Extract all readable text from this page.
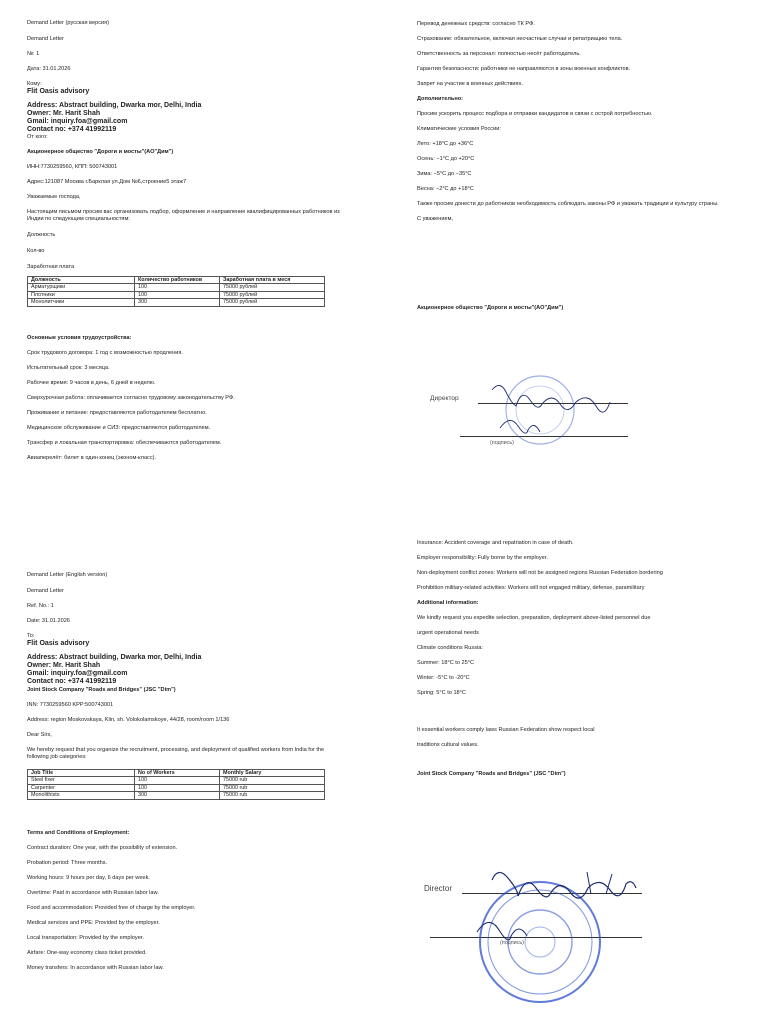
Demand Letter (русская версия)

Demand Letter

№: 1

Дата: 31.01.2026

Кому:

Flit Oasis advisory

Address: Abstract building, Dwarka mor, Delhi, India

Owner: Mr. Harit Shah

Gmail: inquiry.foa@gmail.com

Contact no: +374 41992119

От кого:

Акционерное общество "Дороги и мосты"(АО"Дим")

ИНН:7730259560, КПП: 500743001

Адрес:121087 Москва г.Барклая ул.Дом №6,строение5 этаж7

Уважаемые господа,

Настоящим письмом просим вас организовать подбор, оформление и направление квалифицированных работников из Индии по следующим специальностям:

Должность

Кол-во

Заработная плата

Должность	Количество работников	Заработная плата в меся
Арматурщики	100	75000 рублей
Плотники	100	75000 рублей
Монолитчики	300	75000 рублей

Основные условия трудоустройства:

Срок трудового договора: 1 год с возможностью продления.

Испытательный срок: 3 месяца.

Рабочее время: 9 часов в день, 6 дней в неделю.

Сверхурочная работа: оплачивается согласно трудовому законодательству РФ.

Проживание и питание: предоставляются работодателем бесплатно.

Медицинское обслуживание и СИЗ: предоставляются работодателем.

Трансфер и локальная транспортировка: обеспечиваются работодателем.

Авиаперелёт: билет в один конец (эконом-класс).

Перевод денежных средств: согласно ТК РФ.

Страхование: обязательное, включая несчастные случаи и репатриацию тела.

Ответственность за персонал: полностью несёт работодатель.

Гарантия безопасности: работники не направляются в зоны военных конфликтов.

Запрет на участие в военных действиях.

Дополнительно:

Просим ускорить процесс подбора и отправки кандидатов в связи с острой потребностью.

Климатические условия России:

Лето: +18°C до +36°C

Осень: −1°C до +20°C

Зима: −5°C до −35°C

Весна: −2°C до +18°C

Также просим донести до работников необходимость соблюдать законы РФ и уважать традиции и культуру страны.

С уважением,

Акционерное общество "Дороги и мосты"(АО"Дим")

Директор
(подпись)

Demand Letter (English version)

Demand Letter

Ref. No.: 1

Date: 31.01.2026

To:

Flit Oasis advisory

Address: Abstract building, Dwarka mor, Delhi, India

Owner: Mr. Harit Shah

Gmail: inquiry.foa@gmail.com

Contact no: +374 41992119

Joint Stock Company "Roads and Bridges" (JSC "Dim")

INN: 7730259560 KPP:500743001

Address: region Moskovskaya, Klin, sh. Volokolamskoye, 44/28, room/room 1/136

Dear Sirs,

We hereby request that you organize the recruitment, processing, and deployment of qualified workers from India for the following job categories:

Job Title	No of Workers	Monthly Salary
Steel fixer	100	75000 rub
Carpenter	100	75000 rub
Monolithists	300	75000 rub

Terms and Conditions of Employment:

Contract duration: One year, with the possibility of extension.

Probation period: Three months.

Working hours: 9 hours per day, 6 days per week.

Overtime: Paid in accordance with Russian labor law.

Food and accommodation: Provided free of charge by the employer.

Medical services and PPE: Provided by the employer.

Local transportation: Provided by the employer.

Airfare: One-way economy class ticket provided.

Money transfers: In accordance with Russian labor law.

Insurance: Accident coverage and repatriation in case of death.

Employer responsibility: Fully borne by the employer.

Non-deployment conflict zones: Workers will not be assigned regions Russian Federation bordering

Prohibition military-related activities: Workers will not engaged military, defense, paramilitary

Additional information:

We kindly request you expedite selection, preparation, deployment above-listed personnel due

urgent operational needs

Climate conditions Russia:

Summer: 18°C to 25°C

Winter: -5°C to -20°C

Spring: 5°C to 18°C

It essential workers comply laws Russian Federation show respect local

traditions cultural values.

Joint Stock Company "Roads and Bridges" (JSC "Dim")

Director
(подпись)
